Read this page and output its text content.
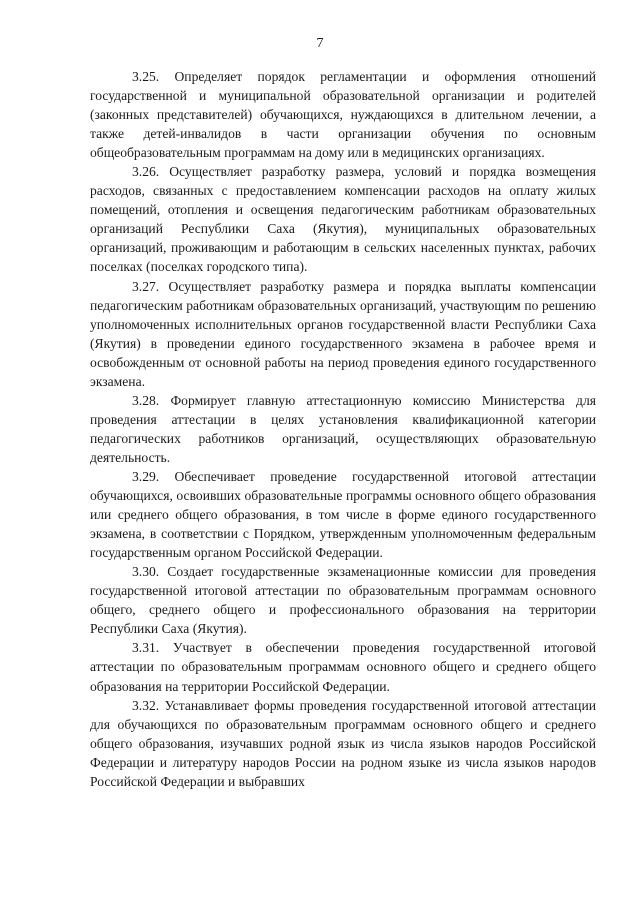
7

3.25. Определяет порядок регламентации и оформления отношений государственной и муниципальной образовательной организации и родителей (законных представителей) обучающихся, нуждающихся в длительном лечении, а также детей-инвалидов в части организации обучения по основным общеобразовательным программам на дому или в медицинских организациях.

3.26. Осуществляет разработку размера, условий и порядка возмещения расходов, связанных с предоставлением компенсации расходов на оплату жилых помещений, отопления и освещения педагогическим работникам образовательных организаций Республики Саха (Якутия), муниципальных образовательных организаций, проживающим и работающим в сельских населенных пунктах, рабочих поселках (поселках городского типа).

3.27. Осуществляет разработку размера и порядка выплаты компенсации педагогическим работникам образовательных организаций, участвующим по решению уполномоченных исполнительных органов государственной власти Республики Саха (Якутия) в проведении единого государственного экзамена в рабочее время и освобожденным от основной работы на период проведения единого государственного экзамена.

3.28. Формирует главную аттестационную комиссию Министерства для проведения аттестации в целях установления квалификационной категории педагогических работников организаций, осуществляющих образовательную деятельность.

3.29. Обеспечивает проведение государственной итоговой аттестации обучающихся, освоивших образовательные программы основного общего образования или среднего общего образования, в том числе в форме единого государственного экзамена, в соответствии с Порядком, утвержденным уполномоченным федеральным государственным органом Российской Федерации.

3.30. Создает государственные экзаменационные комиссии для проведения государственной итоговой аттестации по образовательным программам основного общего, среднего общего и профессионального образования на территории Республики Саха (Якутия).

3.31. Участвует в обеспечении проведения государственной итоговой аттестации по образовательным программам основного общего и среднего общего образования на территории Российской Федерации.

3.32. Устанавливает формы проведения государственной итоговой аттестации для обучающихся по образовательным программам основного общего и среднего общего образования, изучавших родной язык из числа языков народов Российской Федерации и литературу народов России на родном языке из числа языков народов Российской Федерации и выбравших
